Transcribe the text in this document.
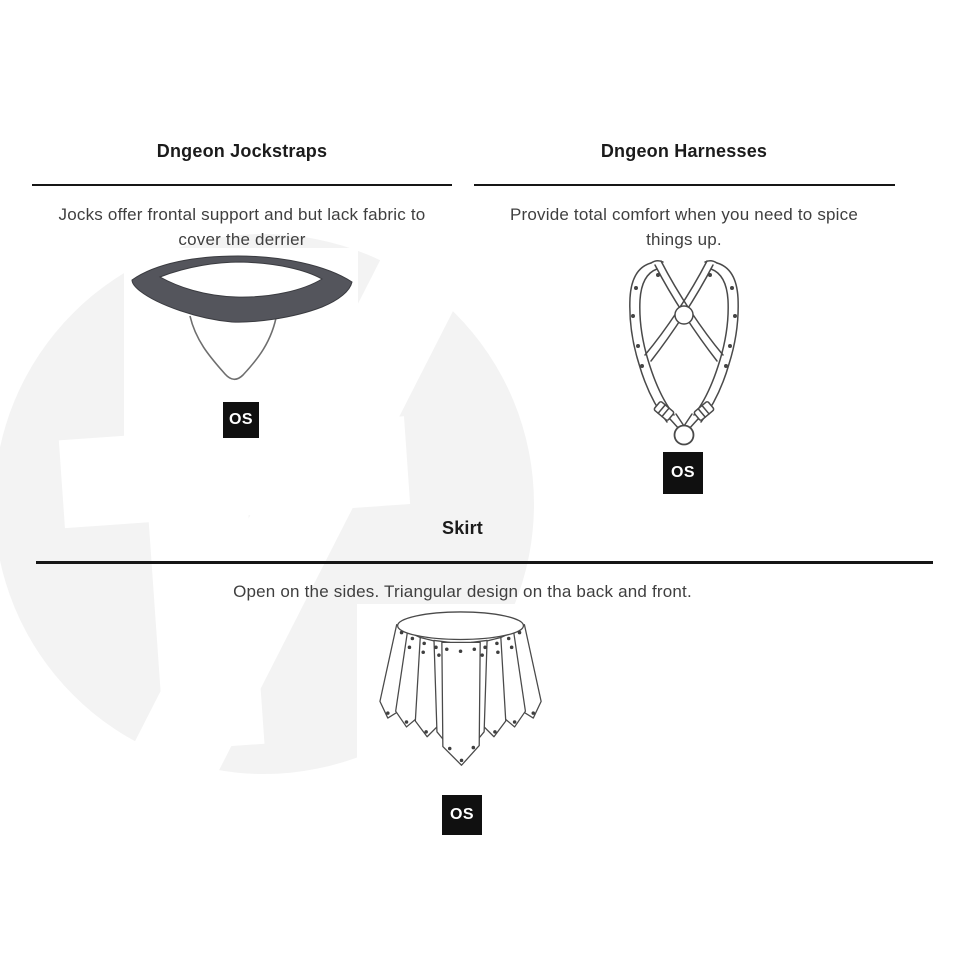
Dngeon Jockstraps	Dngeon Harnesses
Jocks offer frontal support and but lack fabric to
cover the derrier
Provide total comfort when you need to spice
things up.
OS
OS
Skirt
Open on the sides. Triangular design on tha back and front.
OS
